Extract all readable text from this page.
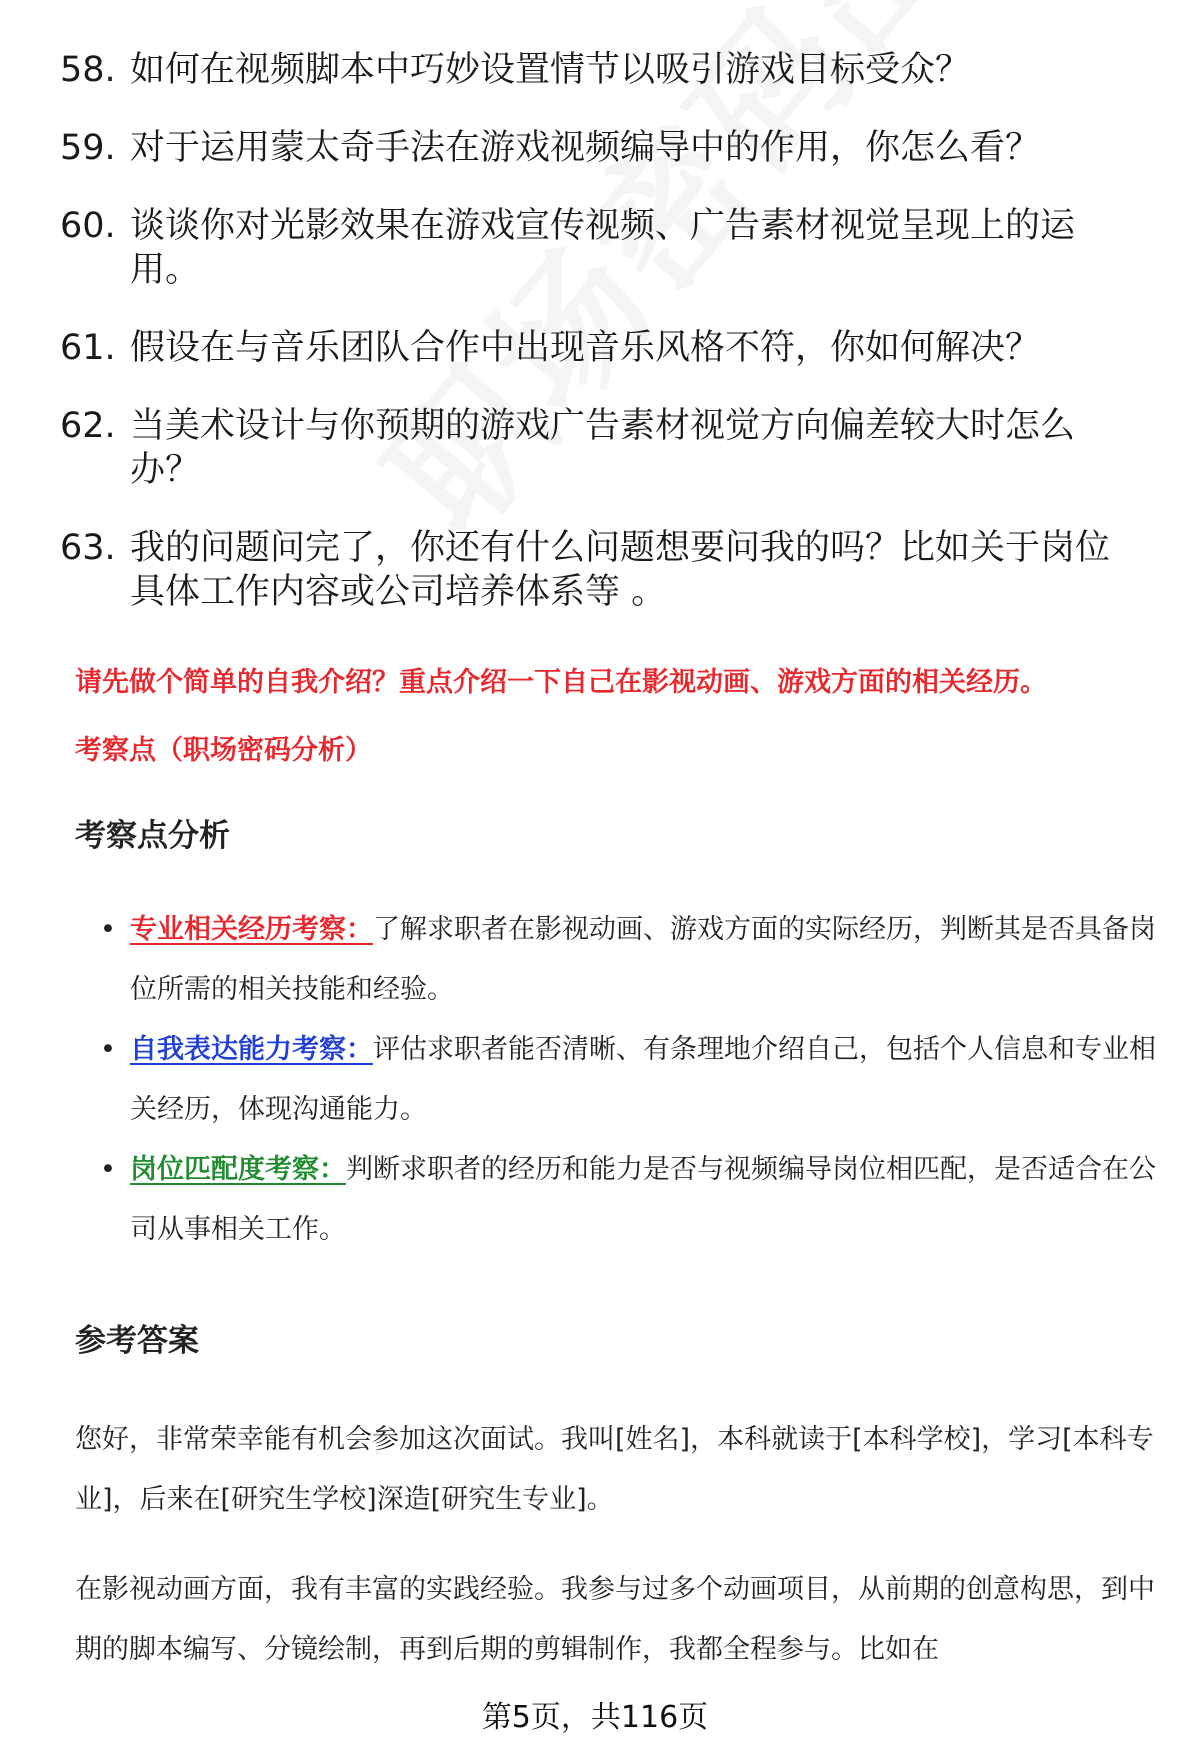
58. 如何在视频脚本中巧妙设置情节以吸引游戏目标受众？
59. 对于运用蒙太奇手法在游戏视频编导中的作用，你怎么看？
60. 谈谈你对光影效果在游戏宣传视频、广告素材视觉呈现上的运用。
61. 假设在与音乐团队合作中出现音乐风格不符，你如何解决？
62. 当美术设计与你预期的游戏广告素材视觉方向偏差较大时怎么办？
63. 我的问题问完了，你还有什么问题想要问我的吗？比如关于岗位具体工作内容或公司培养体系等 。
请先做个简单的自我介绍？重点介绍一下自己在影视动画、游戏方面的相关经历。
考察点（职场密码分析）
考察点分析
• 专业相关经历考察：了解求职者在影视动画、游戏方面的实际经历，判断其是否具备岗位所需的相关技能和经验。
• 自我表达能力考察：评估求职者能否清晰、有条理地介绍自己，包括个人信息和专业相关经历，体现沟通能力。
• 岗位匹配度考察：判断求职者的经历和能力是否与视频编导岗位相匹配，是否适合在公司从事相关工作。
参考答案
您好，非常荣幸能有机会参加这次面试。我叫[姓名]，本科就读于[本科学校]，学习[本科专业]，后来在[研究生学校]深造[研究生专业]。
在影视动画方面，我有丰富的实践经验。我参与过多个动画项目，从前期的创意构思，到中期的脚本编写、分镜绘制，再到后期的剪辑制作，我都全程参与。比如在
第5页，共116页
